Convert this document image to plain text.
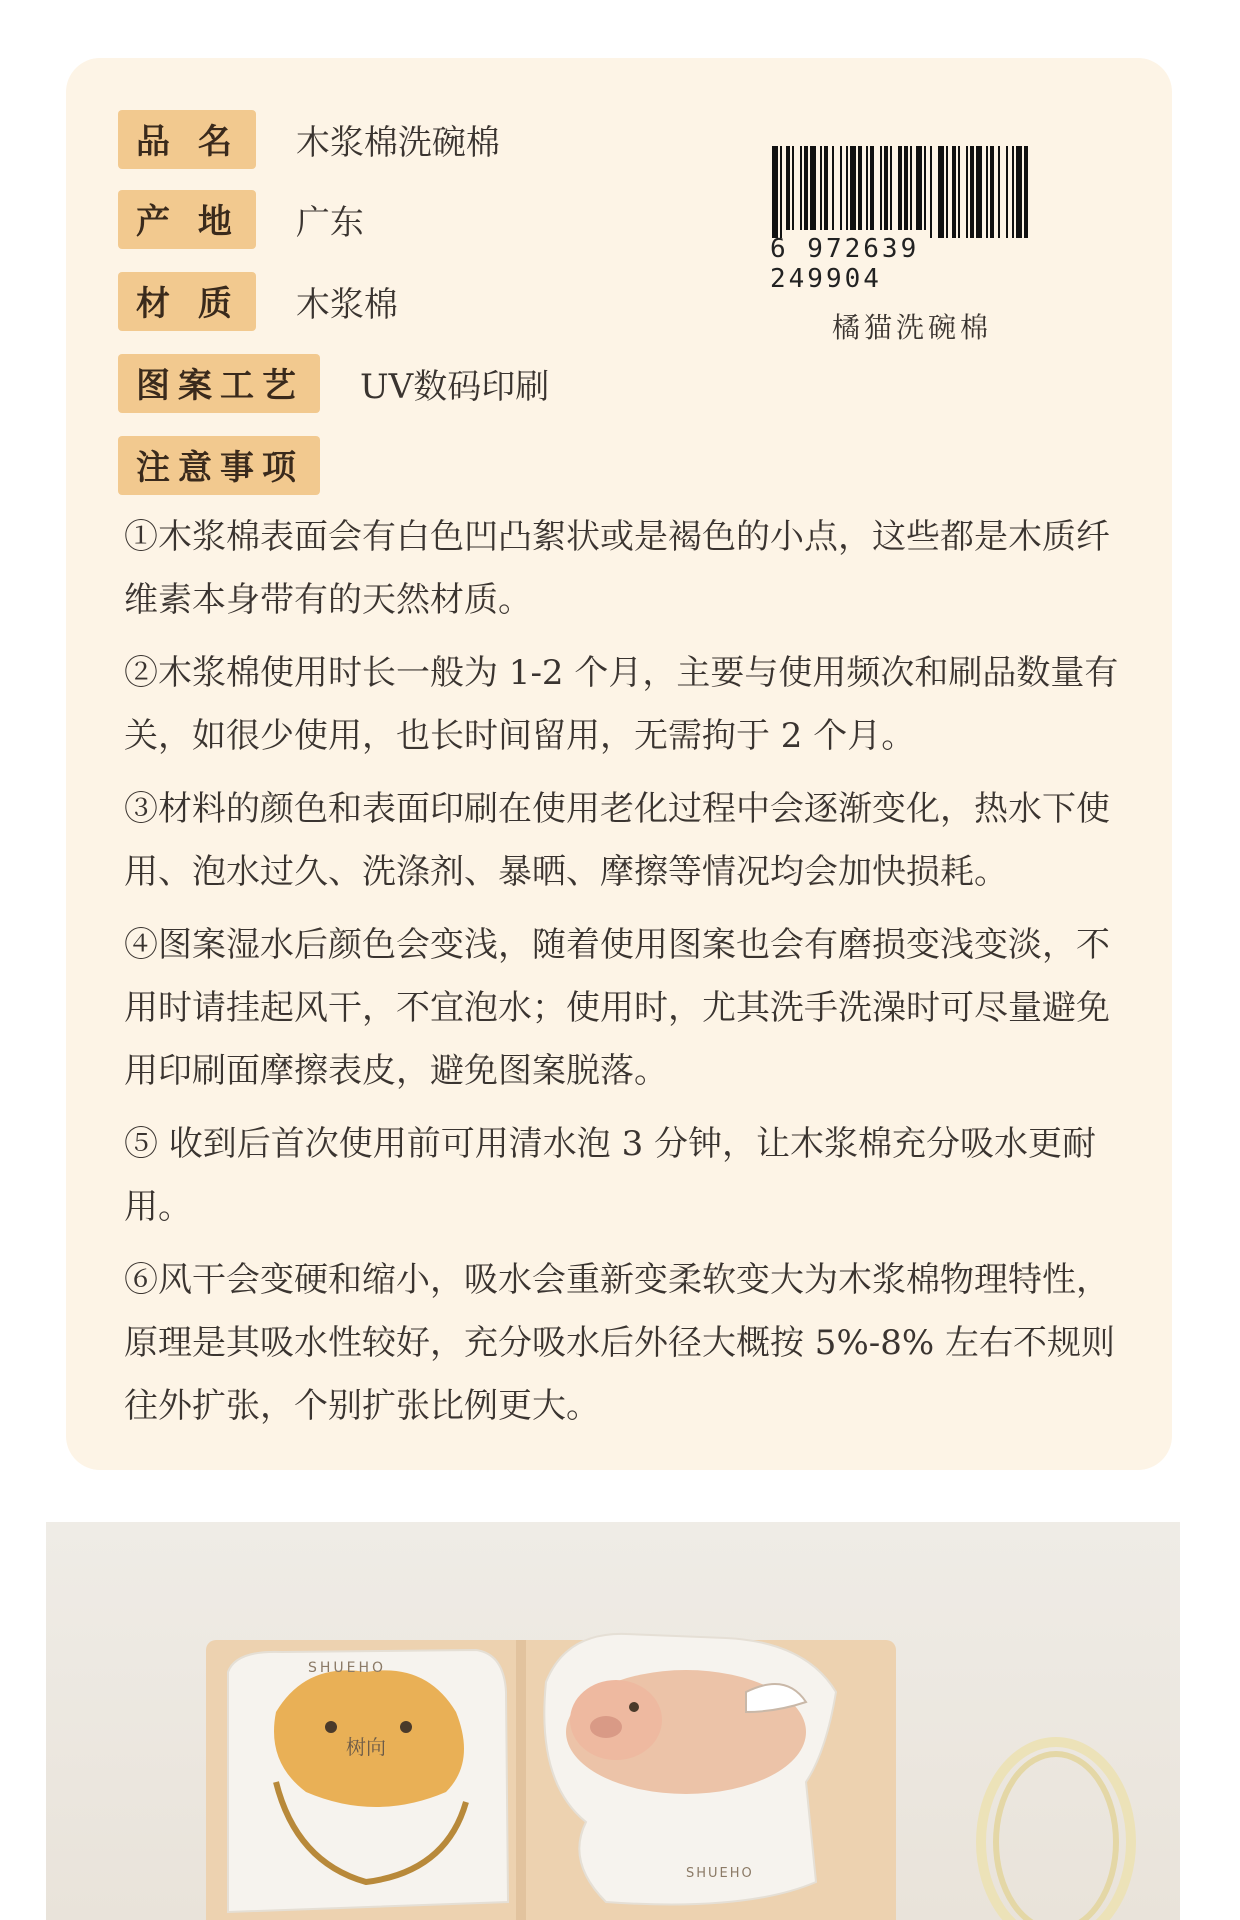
品 名	木浆棉洗碗棉
产 地	广东
材 质	木浆棉
图案工艺	UV数码印刷
注意事项
6 972639 249904
橘猫洗碗棉
①木浆棉表面会有白色凹凸絮状或是褐色的小点，这些都是木质纤维素本身带有的天然材质。
②木浆棉使用时长一般为 1-2 个月，主要与使用频次和刷品数量有关，如很少使用，也长时间留用，无需拘于 2 个月。
③材料的颜色和表面印刷在使用老化过程中会逐渐变化，热水下使用、泡水过久、洗涤剂、暴晒、摩擦等情况均会加快损耗。
④图案湿水后颜色会变浅，随着使用图案也会有磨损变浅变淡，不用时请挂起风干，不宜泡水；使用时，尤其洗手洗澡时可尽量避免用印刷面摩擦表皮，避免图案脱落。
⑤ 收到后首次使用前可用清水泡 3 分钟，让木浆棉充分吸水更耐用。
⑥风干会变硬和缩小，吸水会重新变柔软变大为木浆棉物理特性，原理是其吸水性较好，充分吸水后外径大概按 5%-8% 左右不规则往外扩张，个别扩张比例更大。
SHUEHO
树向
SHUEHO
